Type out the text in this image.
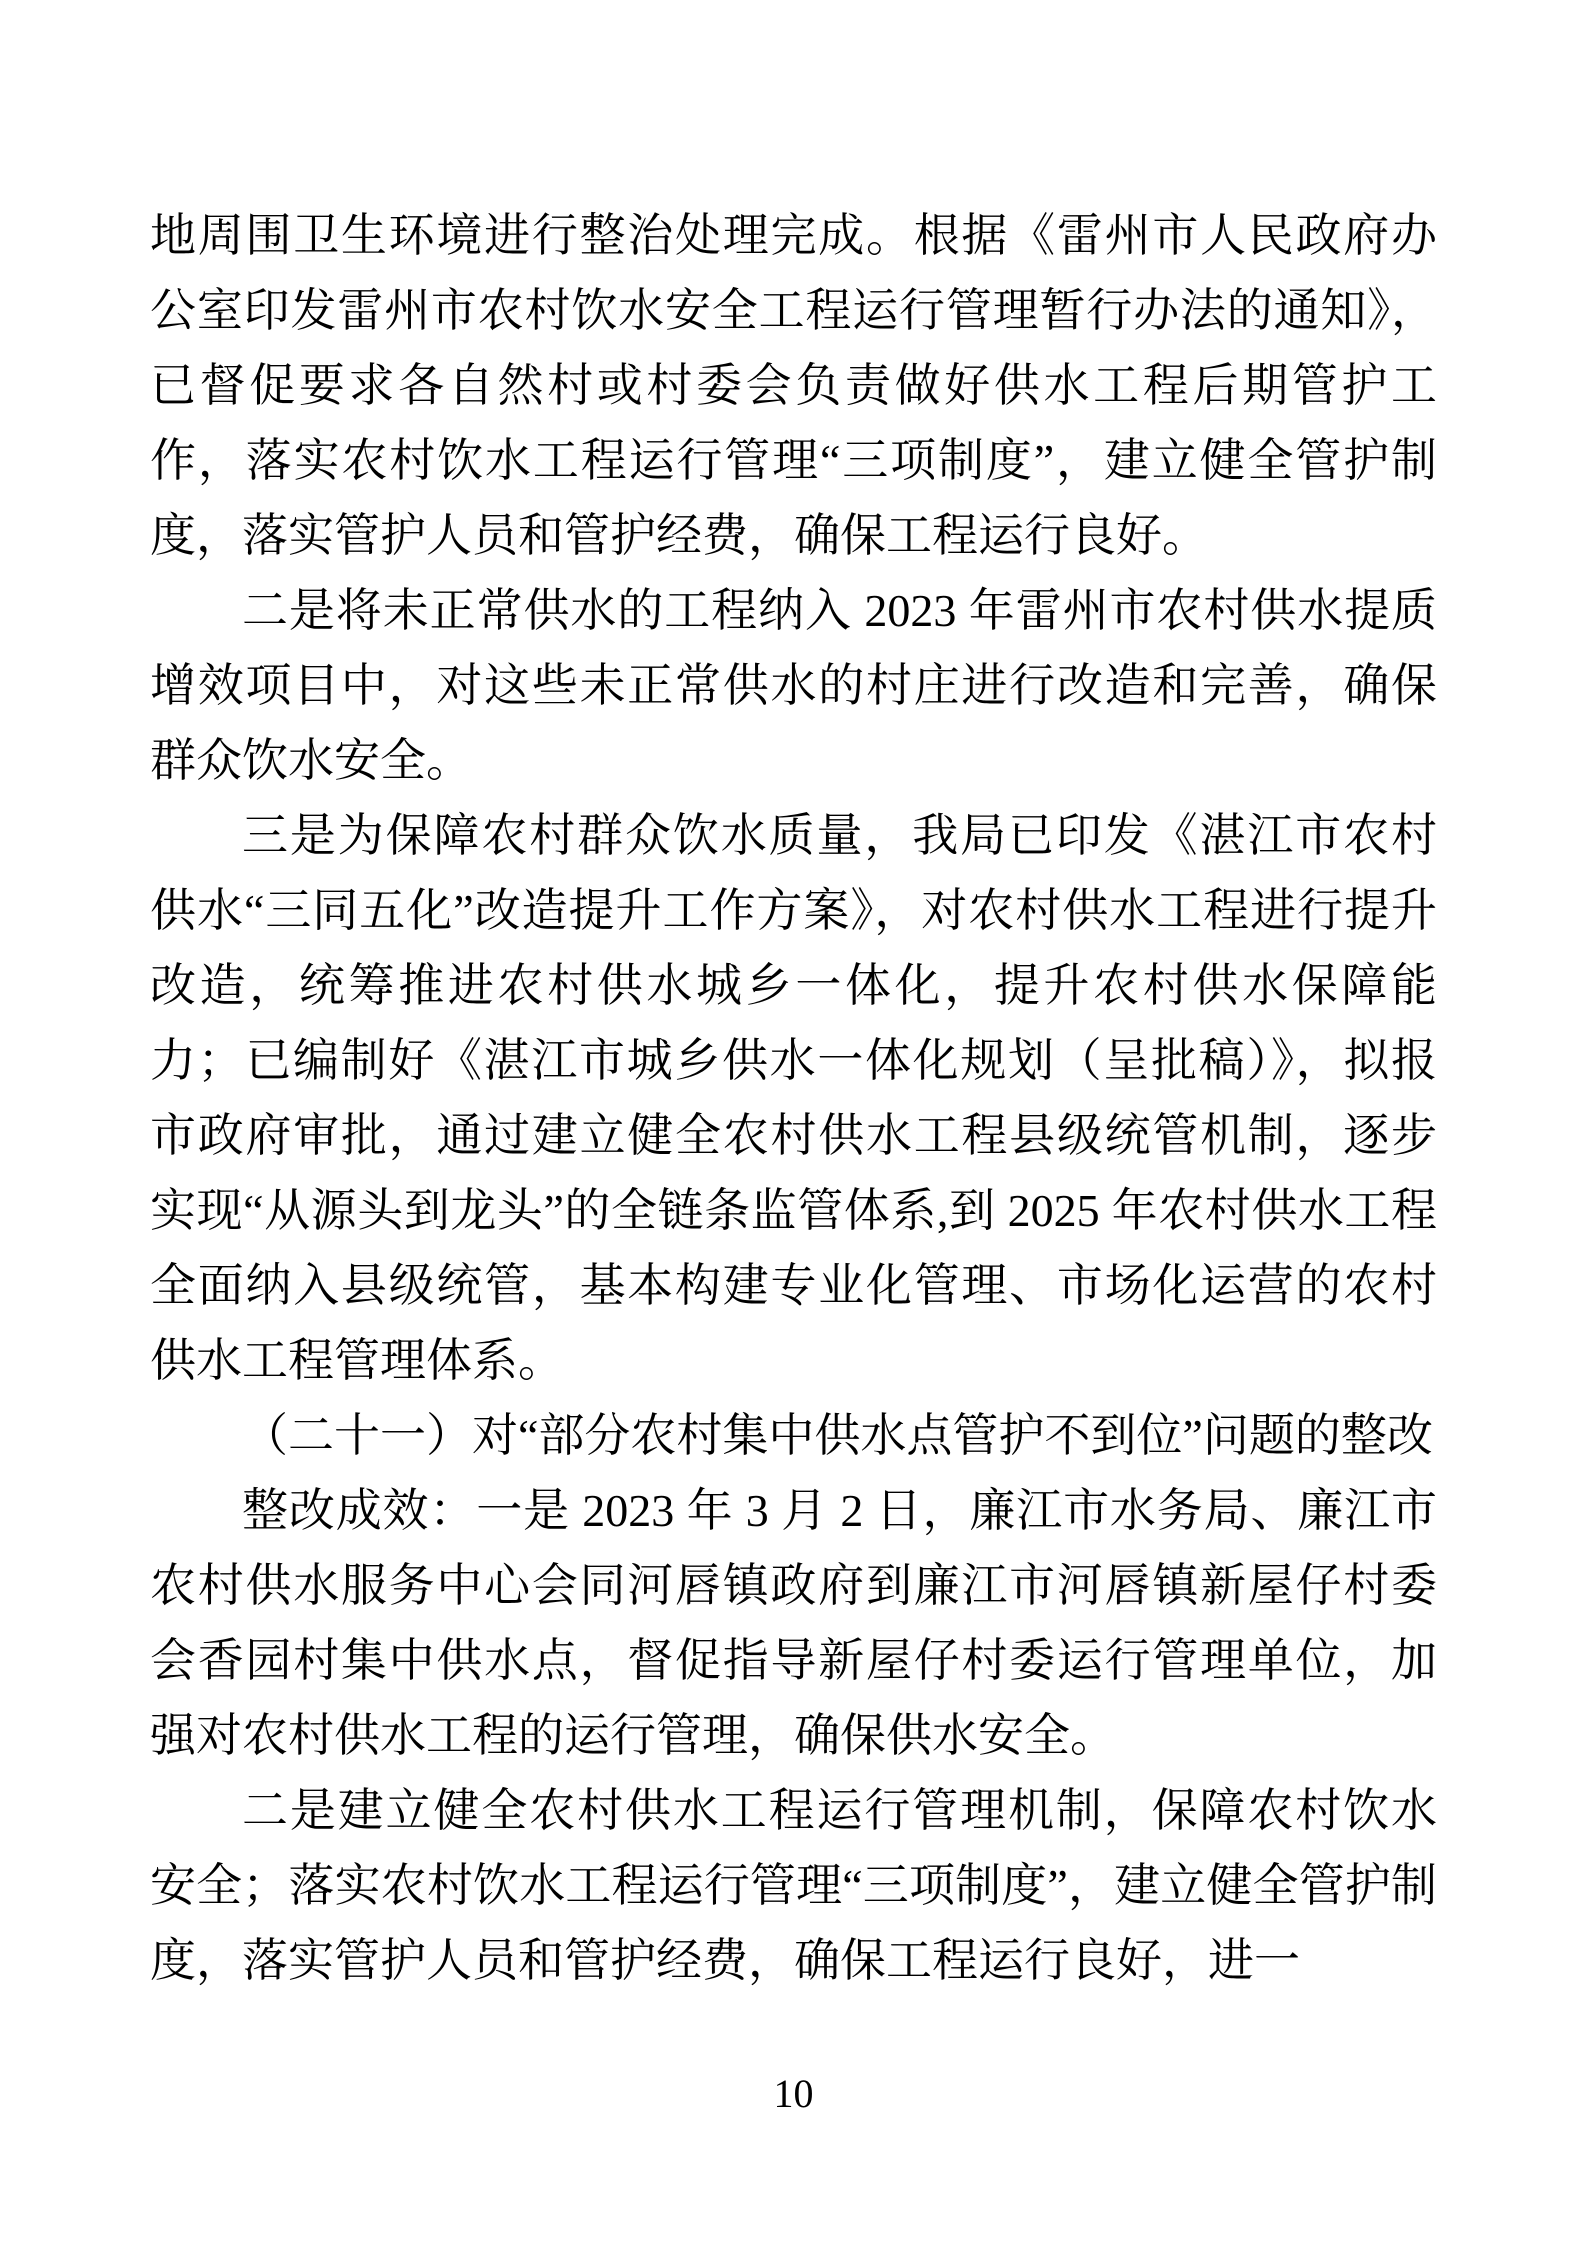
地周围卫生环境进行整治处理完成。根据《雷州市人民政府办公室印发雷州市农村饮水安全工程运行管理暂行办法的通知》，已督促要求各自然村或村委会负责做好供水工程后期管护工作，落实农村饮水工程运行管理“三项制度”，建立健全管护制度，落实管护人员和管护经费，确保工程运行良好。

二是将未正常供水的工程纳入 2023 年雷州市农村供水提质增效项目中，对这些未正常供水的村庄进行改造和完善，确保群众饮水安全。

三是为保障农村群众饮水质量，我局已印发《湛江市农村供水“三同五化”改造提升工作方案》，对农村供水工程进行提升改造，统筹推进农村供水城乡一体化，提升农村供水保障能力；已编制好《湛江市城乡供水一体化规划（呈批稿）》，拟报市政府审批，通过建立健全农村供水工程县级统管机制，逐步实现“从源头到龙头”的全链条监管体系,到 2025 年农村供水工程全面纳入县级统管，基本构建专业化管理、市场化运营的农村供水工程管理体系。

（二十一）对“部分农村集中供水点管护不到位”问题的整改

整改成效：一是 2023 年 3 月 2 日，廉江市水务局、廉江市农村供水服务中心会同河唇镇政府到廉江市河唇镇新屋仔村委会香园村集中供水点，督促指导新屋仔村委运行管理单位，加强对农村供水工程的运行管理，确保供水安全。

二是建立健全农村供水工程运行管理机制，保障农村饮水安全；落实农村饮水工程运行管理“三项制度”，建立健全管护制度，落实管护人员和管护经费，确保工程运行良好，进一

10
